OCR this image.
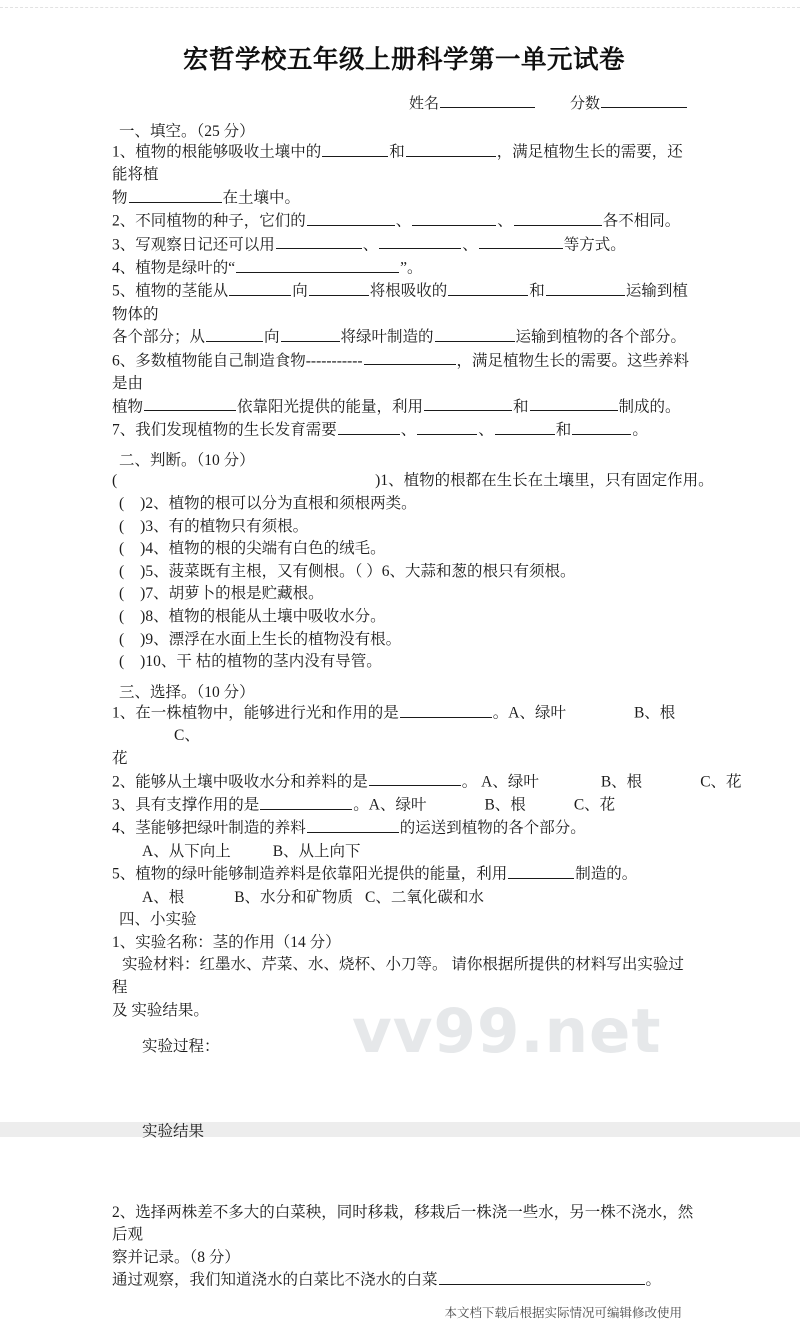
vv99.net
宏哲学校五年级上册科学第一单元试卷
姓名	分数
一、填空。（25 分）
1、植物的根能够吸收土壤中的	和	，满足植物生长的需要，还能将植
物	在土壤中。
2、不同植物的种子，它们的	、	、	各不相同。
3、写观察日记还可以用	、	、	等方式。
4、植物是绿叶的“	”。
5、植物的茎能从	向	将根吸收的	和	运输到植物体的
各个部分；从	向	将绿叶制造的	运输到植物的各个部分。
6、多数植物能自己制造食物-----------	，满足植物生长的需要。这些养料是由
植物	依靠阳光提供的能量，利用	和	制成的。
7、我们发现植物的生长发育需要	、	、	和	。
二、判断。（10 分）
(	)1、植物的根都在生长在土壤里，只有固定作用。
( )2、植物的根可以分为直根和须根两类。
( )3、有的植物只有须根。
( )4、植物的根的尖端有白色的绒毛。
( )5、菠菜既有主根，又有侧根。（ ）6、大蒜和葱的根只有须根。
( )7、胡萝卜的根是贮藏根。
( )8、植物的根能从土壤中吸收水分。
( )9、漂浮在水面上生长的植物没有根。
( )10、干 枯的植物的茎内没有导管。
三、选择。（10 分）
1、在一株植物中，能够进行光和作用的是	。A、绿叶	B、根C、
花
2、能够从土壤中吸收水分和养料的是	。 A、绿叶	B、根	C、花
3、具有支撑作用的是	。A、绿叶	B、根	C、花
4、茎能够把绿叶制造的养料	的运送到植物的各个部分。
A、从下向上	B、从上向下
5、植物的绿叶能够制造养料是依靠阳光提供的能量，利用	制造的。
A、根	B、水分和矿物质 C、二氧化碳和水
四、小实验
1、实验名称：茎的作用（14 分）
实验材料：红墨水、芹菜、水、烧杯、小刀等。 请你根据所提供的材料写出实验过程
及 实验结果。
实验过程：
实验结果
2、选择两株差不多大的白菜秧，同时移栽，移栽后一株浇一些水，另一株不浇水，然后观
察并记录。（8 分）
通过观察，我们知道浇水的白菜比不浇水的白菜	。
本文档下载后根据实际情况可编辑修改使用
